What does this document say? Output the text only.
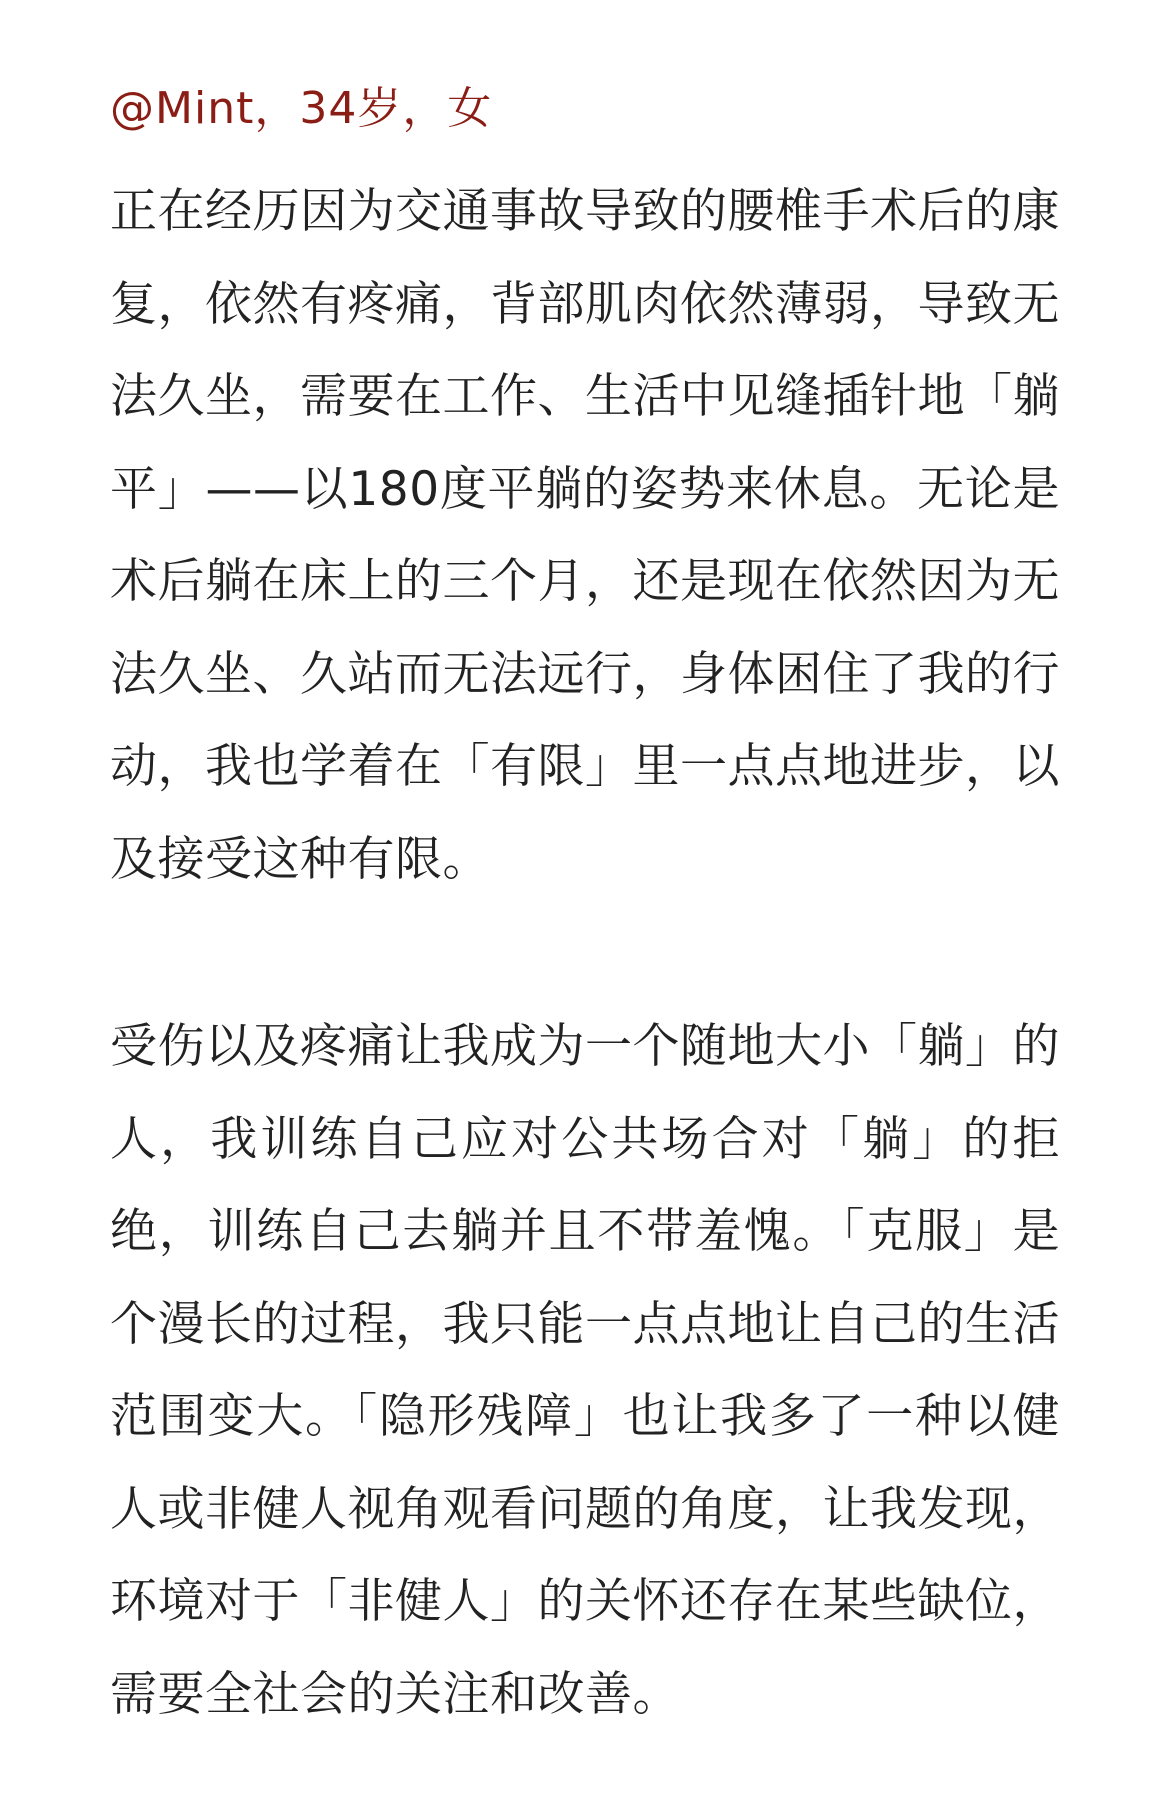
@Mint，34岁，女

正在经历因为交通事故导致的腰椎手术后的康复，依然有疼痛，背部肌肉依然薄弱，导致无法久坐，需要在工作、生活中见缝插针地「躺平」——以180度平躺的姿势来休息。无论是术后躺在床上的三个月，还是现在依然因为无法久坐、久站而无法远行，身体困住了我的行动，我也学着在「有限」里一点点地进步，以及接受这种有限。

受伤以及疼痛让我成为一个随地大小「躺」的人，我训练自己应对公共场合对「躺」的拒绝，训练自己去躺并且不带羞愧。「克服」是个漫长的过程，我只能一点点地让自己的生活范围变大。「隐形残障」也让我多了一种以健人或非健人视角观看问题的角度，让我发现，环境对于「非健人」的关怀还存在某些缺位，需要全社会的关注和改善。
